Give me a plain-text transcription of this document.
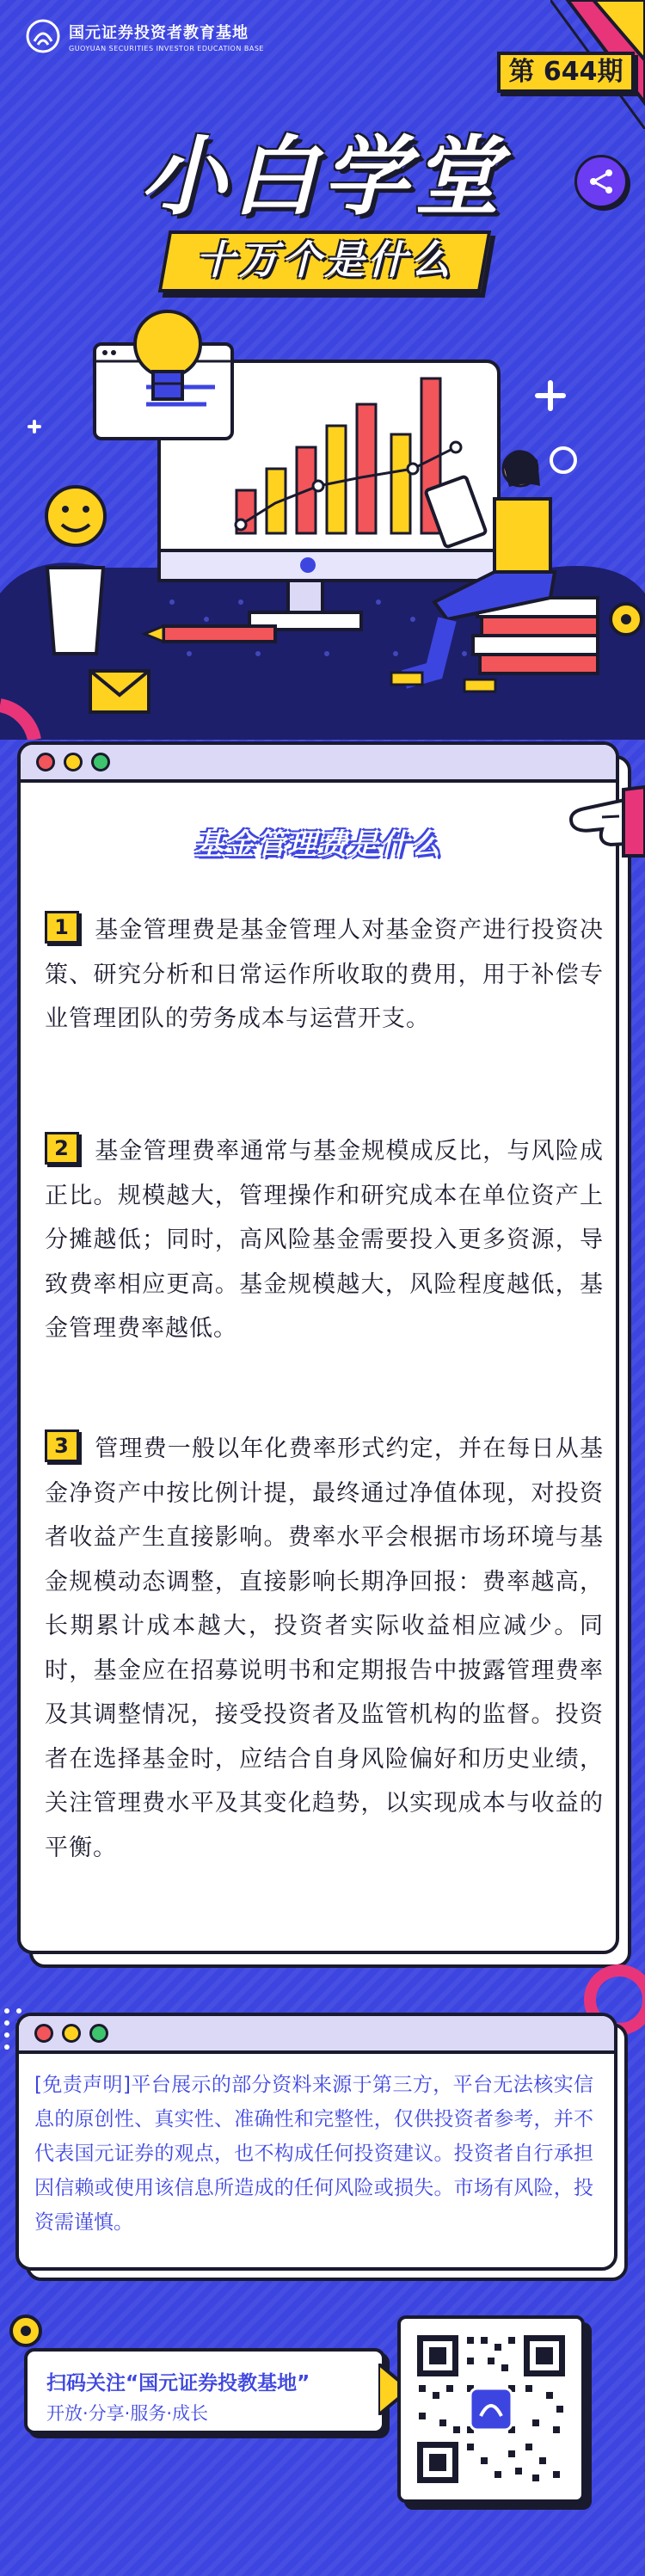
国元证券投资者教育基地
GUOYUAN SECURITIES INVESTOR EDUCATION BASE
第 644期
小白学堂
十万个是什么
基金管理费是什么
1 基金管理费是基金管理人对基金资产进行投资决策、研究分析和日常运作所收取的费用，用于补偿专业管理团队的劳务成本与运营开支。
2 基金管理费率通常与基金规模成反比，与风险成正比。规模越大，管理操作和研究成本在单位资产上分摊越低；同时，高风险基金需要投入更多资源，导致费率相应更高。基金规模越大，风险程度越低，基金管理费率越低。
3 管理费一般以年化费率形式约定，并在每日从基金净资产中按比例计提，最终通过净值体现，对投资者收益产生直接影响。费率水平会根据市场环境与基金规模动态调整，直接影响长期净回报：费率越高，长期累计成本越大，投资者实际收益相应减少。同时，基金应在招募说明书和定期报告中披露管理费率及其调整情况，接受投资者及监管机构的监督。投资者在选择基金时，应结合自身风险偏好和历史业绩，关注管理费水平及其变化趋势，以实现成本与收益的平衡。
[免责声明]平台展示的部分资料来源于第三方，平台无法核实信息的原创性、真实性、准确性和完整性，仅供投资者参考，并不代表国元证券的观点，也不构成任何投资建议。投资者自行承担因信赖或使用该信息所造成的任何风险或损失。市场有风险，投资需谨慎。
扫码关注“国元证券投教基地”
开放·分享·服务·成长
